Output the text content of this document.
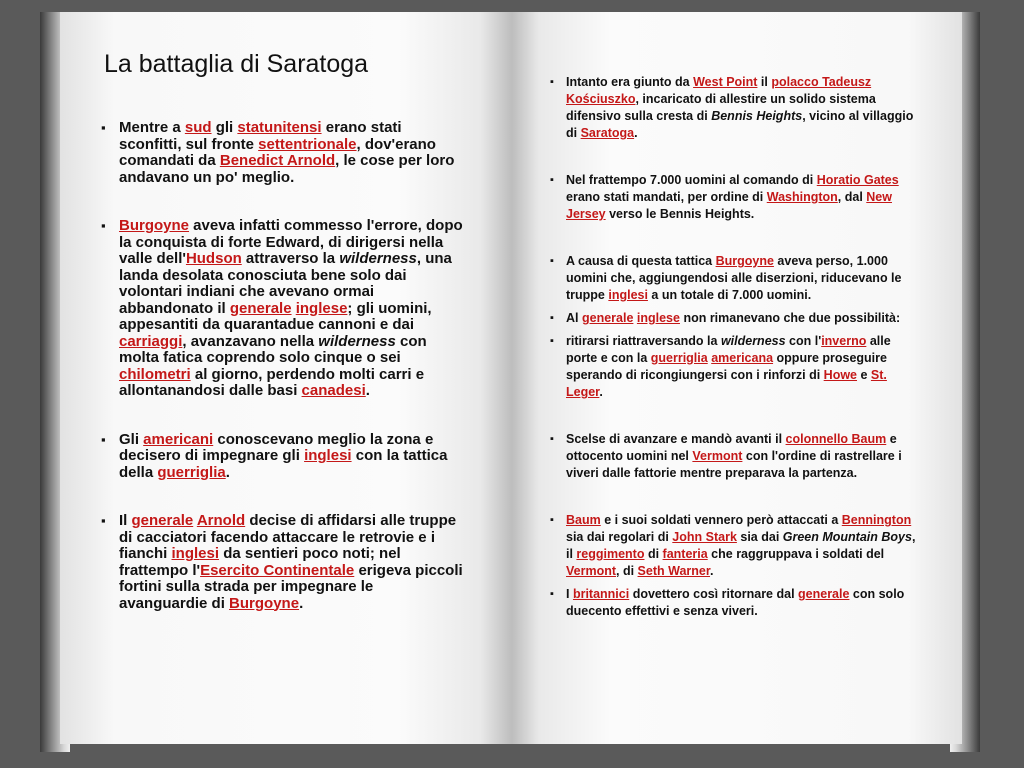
La battaglia di Saratoga
▪ Mentre a sud gli statunitensi erano stati sconfitti, sul fronte settentrionale, dov'erano comandati da Benedict Arnold, le cose per loro andavano un po' meglio.
▪ Burgoyne aveva infatti commesso l'errore, dopo la conquista di forte Edward, di dirigersi nella valle dell'Hudson attraverso la wilderness, una landa desolata conosciuta bene solo dai volontari indiani che avevano ormai abbandonato il generale inglese; gli uomini, appesantiti da quarantadue cannoni e dai carriaggi, avanzavano nella wilderness con molta fatica coprendo solo cinque o sei chilometri al giorno, perdendo molti carri e allontanandosi dalle basi canadesi.
▪ Gli americani conoscevano meglio la zona e decisero di impegnare gli inglesi con la tattica della guerriglia.
▪ Il generale Arnold decise di affidarsi alle truppe di cacciatori facendo attaccare le retrovie e i fianchi inglesi da sentieri poco noti; nel frattempo l'Esercito Continentale erigeva piccoli fortini sulla strada per impegnare le avanguardie di Burgoyne.
▪ Intanto era giunto da West Point il polacco Tadeusz Kościuszko, incaricato di allestire un solido sistema difensivo sulla cresta di Bennis Heights, vicino al villaggio di Saratoga.
▪ Nel frattempo 7.000 uomini al comando di Horatio Gates erano stati mandati, per ordine di Washington, dal New Jersey verso le Bennis Heights.
▪ A causa di questa tattica Burgoyne aveva perso, 1.000 uomini che, aggiungendosi alle diserzioni, riducevano le truppe inglesi a un totale di 7.000 uomini.
▪ Al generale inglese non rimanevano che due possibilità:
▪ ritirarsi riattraversando la wilderness con l'inverno alle porte e con la guerriglia americana oppure proseguire sperando di ricongiungersi con i rinforzi di Howe e St. Leger.
▪ Scelse di avanzare e mandò avanti il colonnello Baum e ottocento uomini nel Vermont con l'ordine di rastrellare i viveri dalle fattorie mentre preparava la partenza.
▪ Baum e i suoi soldati vennero però attaccati a Bennington sia dai regolari di John Stark sia dai Green Mountain Boys, il reggimento di fanteria che raggruppava i soldati del Vermont, di Seth Warner.
▪ I britannici dovettero così ritornare dal generale con solo duecento effettivi e senza viveri.
